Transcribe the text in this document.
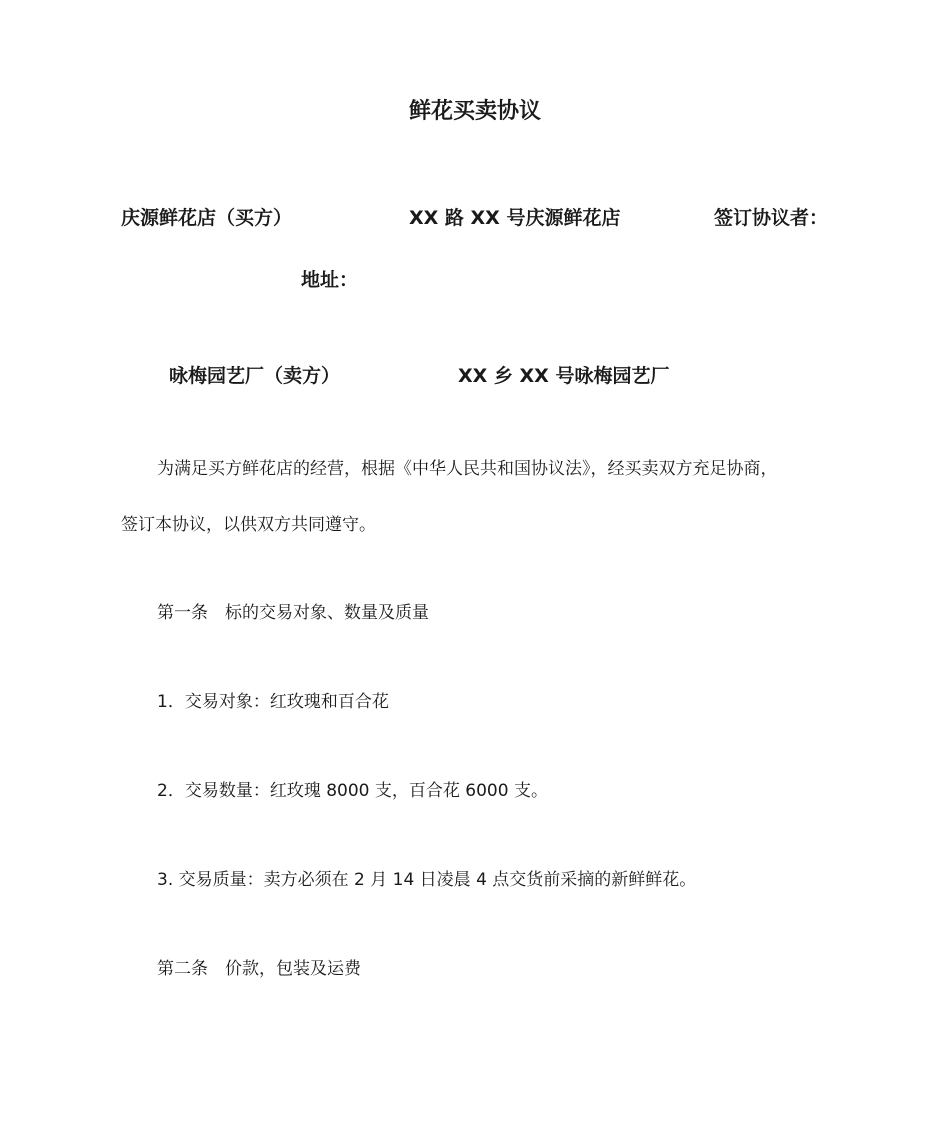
鲜花买卖协议
庆源鲜花店（买方）	XX 路 XX 号庆源鲜花店	签订协议者：
地址：
咏梅园艺厂（卖方）	XX 乡 XX 号咏梅园艺厂
为满足买方鲜花店的经营，根据《中华人民共和国协议法》，经买卖双方充足协商，
签订本协议，以供双方共同遵守。
第一条　标的交易对象、数量及质量
1．交易对象：红玫瑰和百合花
2．交易数量：红玫瑰 8000 支，百合花 6000 支。
3. 交易质量：卖方必须在 2 月 14 日凌晨 4 点交货前采摘的新鲜鲜花。
第二条　价款，包装及运费
